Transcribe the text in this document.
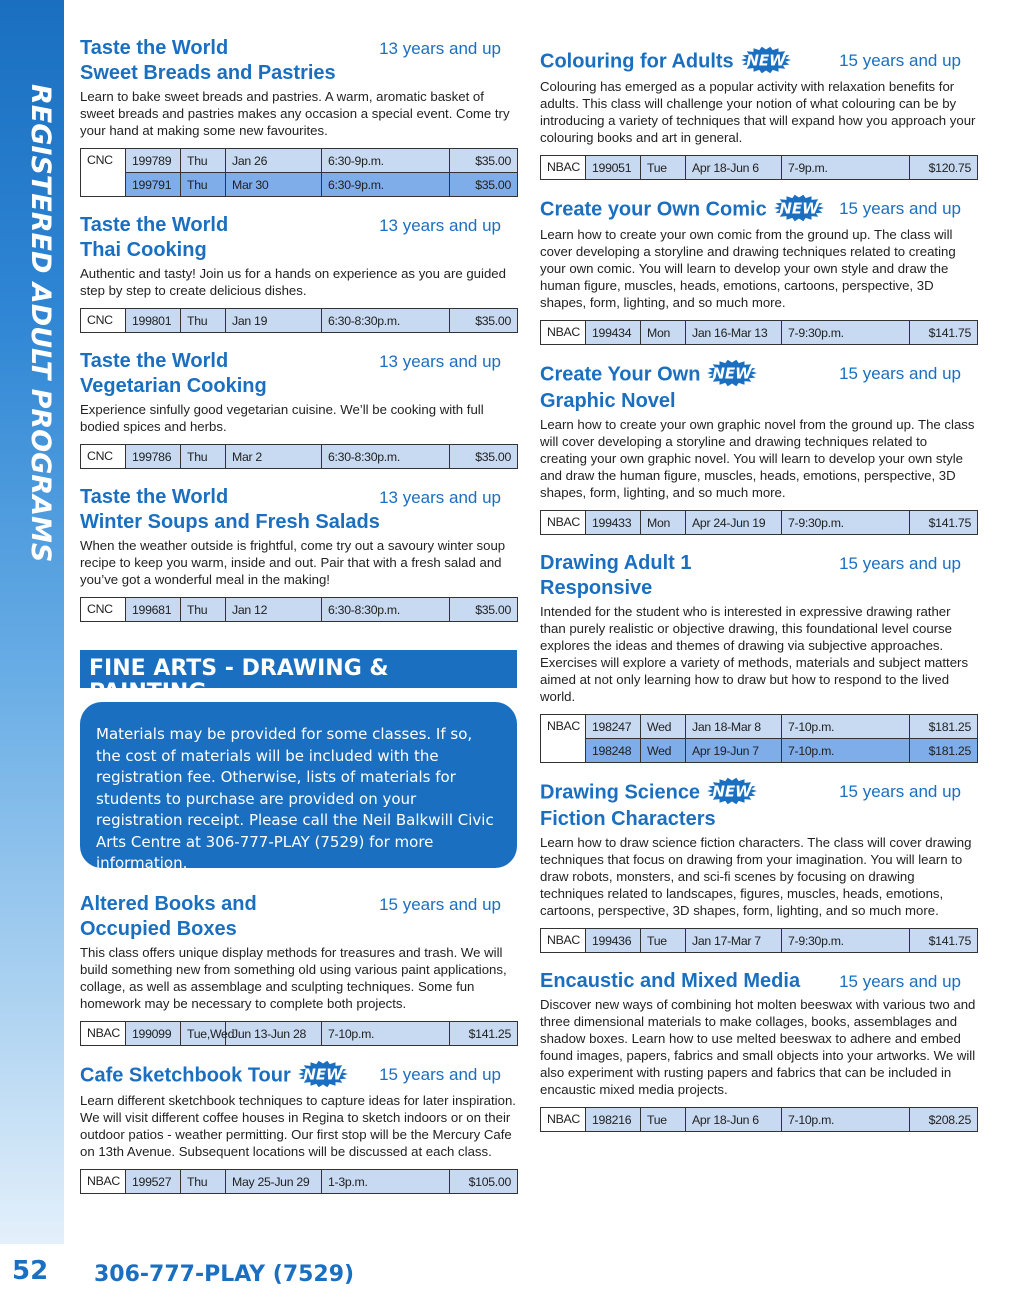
REGISTERED ADULT PROGRAMS
52 306-777-PLAY (7529)
Taste the World
Sweet Breads and Pastries
13 years and up
Learn to bake sweet breads and pastries. A warm, aromatic basket of sweet breads and pastries makes any occasion a special event. Come try your hand at making some new favourites.
CNC	199789	Thu	Jan 26	6:30-9p.m.	$35.00
	199791	Thu	Mar 30	6:30-9p.m.	$35.00
Taste the World
Thai Cooking
13 years and up
Authentic and tasty! Join us for a hands on experience as you are guided step by step to create delicious dishes.
CNC	199801	Thu	Jan 19	6:30-8:30p.m.	$35.00
Taste the World
Vegetarian Cooking
13 years and up
Experience sinfully good vegetarian cuisine. We’ll be cooking with full bodied spices and herbs.
CNC	199786	Thu	Mar 2	6:30-8:30p.m.	$35.00
Taste the World
Winter Soups and Fresh Salads
13 years and up
When the weather outside is frightful, come try out a savoury winter soup recipe to keep you warm, inside and out. Pair that with a fresh salad and you’ve got a wonderful meal in the making!
CNC	199681	Thu	Jan 12	6:30-8:30p.m.	$35.00
FINE ARTS - DRAWING & PAINTING
Materials may be provided for some classes. If so, the cost of materials will be included with the registration fee. Otherwise, lists of materials for students to purchase are provided on your registration receipt. Please call the Neil Balkwill Civic Arts Centre at 306-777-PLAY (7529) for more information.
Altered Books and
Occupied Boxes
15 years and up
This class offers unique display methods for treasures and trash. We will build something new from something old using various paint applications, collage, as well as assemblage and sculpting techniques. Some fun homework may be necessary to complete both projects.
NBAC	199099	Tue,Wed	Jun 13-Jun 28	7-10p.m.	$141.25
Cafe Sketchbook Tour NEW 15 years and up
Learn different sketchbook techniques to capture ideas for later inspiration. We will visit different coffee houses in Regina to sketch indoors or on their outdoor patios - weather permitting. Our first stop will be the Mercury Cafe on 13th Avenue. Subsequent locations will be discussed at each class.
NBAC	199527	Thu	May 25-Jun 29	1-3p.m.	$105.00
Colouring for Adults NEW	15 years and up
Colouring has emerged as a popular activity with relaxation benefits for adults. This class will challenge your notion of what colouring can be by introducing a variety of techniques that will expand how you approach your colouring books and art in general.
NBAC	199051	Tue	Apr 18-Jun 6	7-9p.m.	$120.75
Create your Own Comic NEW 15 years and up
Learn how to create your own comic from the ground up. The class will cover developing a storyline and drawing techniques related to creating your own comic. You will learn to develop your own style and draw the human figure, muscles, heads, emotions, cartoons, perspective, 3D shapes, form, lighting, and so much more.
NBAC	199434	Mon	Jan 16-Mar 13	7-9:30p.m.	$141.75
Create Your Own NEW
Graphic Novel
15 years and up
Learn how to create your own graphic novel from the ground up. The class will cover developing a storyline and drawing techniques related to creating your own graphic novel. You will learn to develop your own style and draw the human figure, muscles, heads, emotions, perspective, 3D shapes, form, lighting, and so much more.
NBAC	199433	Mon	Apr 24-Jun 19	7-9:30p.m.	$141.75
Drawing Adult 1
Responsive
15 years and up
Intended for the student who is interested in expressive drawing rather than purely realistic or objective drawing, this foundational level course explores the ideas and themes of drawing via subjective approaches. Exercises will explore a variety of methods, materials and subject matters aimed at not only learning how to draw but how to respond to the lived world.
NBAC	198247	Wed	Jan 18-Mar 8	7-10p.m.	$181.25
	198248	Wed	Apr 19-Jun 7	7-10p.m.	$181.25
Drawing Science NEW
Fiction Characters
15 years and up
Learn how to draw science fiction characters. The class will cover drawing techniques that focus on drawing from your imagination. You will learn to draw robots, monsters, and sci-fi scenes by focusing on drawing techniques related to landscapes, figures, muscles, heads, emotions, cartoons, perspective, 3D shapes, form, lighting, and so much more.
NBAC	199436	Tue	Jan 17-Mar 7	7-9:30p.m.	$141.75
Encaustic and Mixed Media	15 years and up
Discover new ways of combining hot molten beeswax with various two and three dimensional materials to make collages, books, assemblages and shadow boxes. Learn how to use melted beeswax to adhere and embed found images, papers, fabrics and small objects into your artworks. We will also experiment with rusting papers and fabrics that can be included in encaustic mixed media projects.
NBAC	198216	Tue	Apr 18-Jun 6	7-10p.m.	$208.25
